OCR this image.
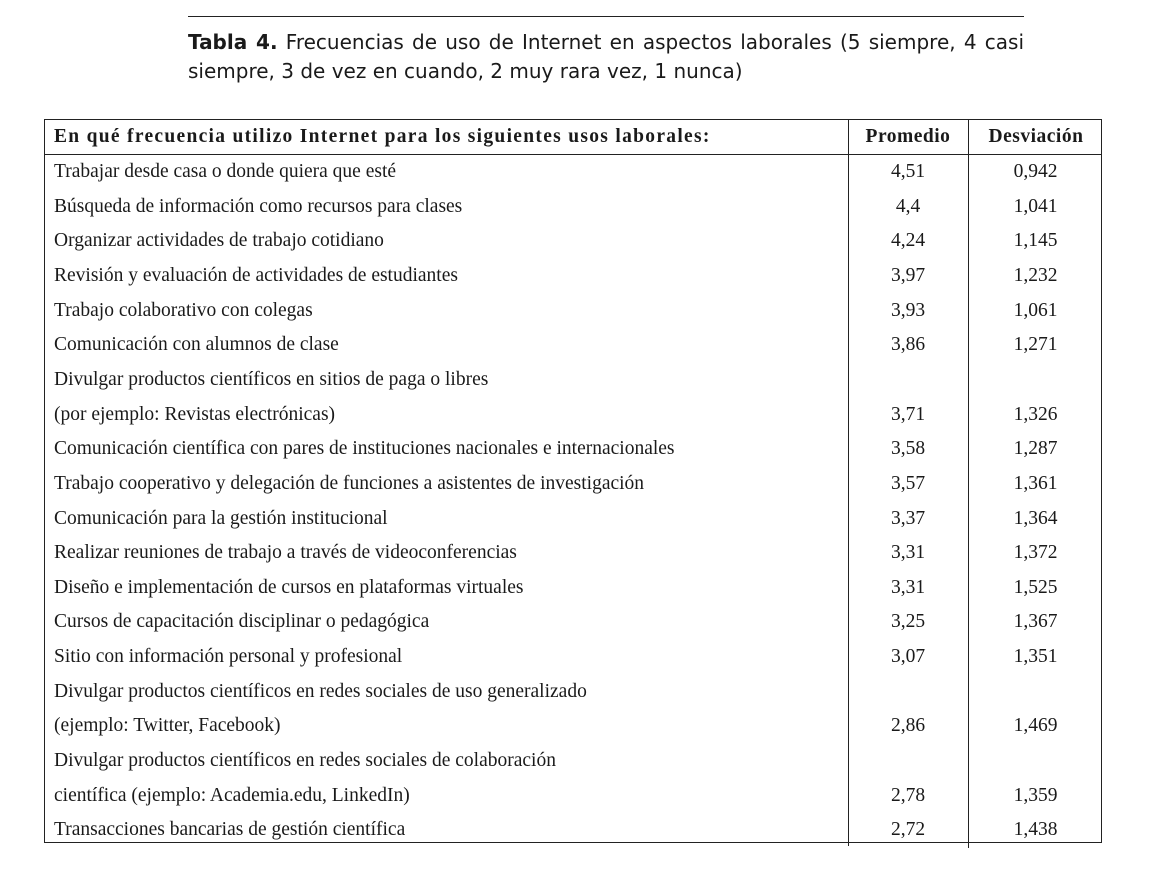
Tabla 4. Frecuencias de uso de Internet en aspectos laborales (5 siempre, 4 casi siempre, 3 de vez en cuando, 2 muy rara vez, 1 nunca)
En qué frecuencia utilizo Internet para los siguientes usos laborales:	Promedio	Desviación
Trabajar desde casa o donde quiera que esté	4,51	0,942
Búsqueda de información como recursos para clases	4,4	1,041
Organizar actividades de trabajo cotidiano	4,24	1,145
Revisión y evaluación de actividades de estudiantes	3,97	1,232
Trabajo colaborativo con colegas	3,93	1,061
Comunicación con alumnos de clase	3,86	1,271
Divulgar productos científicos en sitios de paga o libres
(por ejemplo: Revistas electrónicas)	3,71	1,326
Comunicación científica con pares de instituciones nacionales e internacionales	3,58	1,287
Trabajo cooperativo y delegación de funciones a asistentes de investigación	3,57	1,361
Comunicación para la gestión institucional	3,37	1,364
Realizar reuniones de trabajo a través de videoconferencias	3,31	1,372
Diseño e implementación de cursos en plataformas virtuales	3,31	1,525
Cursos de capacitación disciplinar o pedagógica	3,25	1,367
Sitio con información personal y profesional	3,07	1,351
Divulgar productos científicos en redes sociales de uso generalizado
(ejemplo: Twitter, Facebook)	2,86	1,469
Divulgar productos científicos en redes sociales de colaboración
científica (ejemplo: Academia.edu, LinkedIn)	2,78	1,359
Transacciones bancarias de gestión científica	2,72	1,438
